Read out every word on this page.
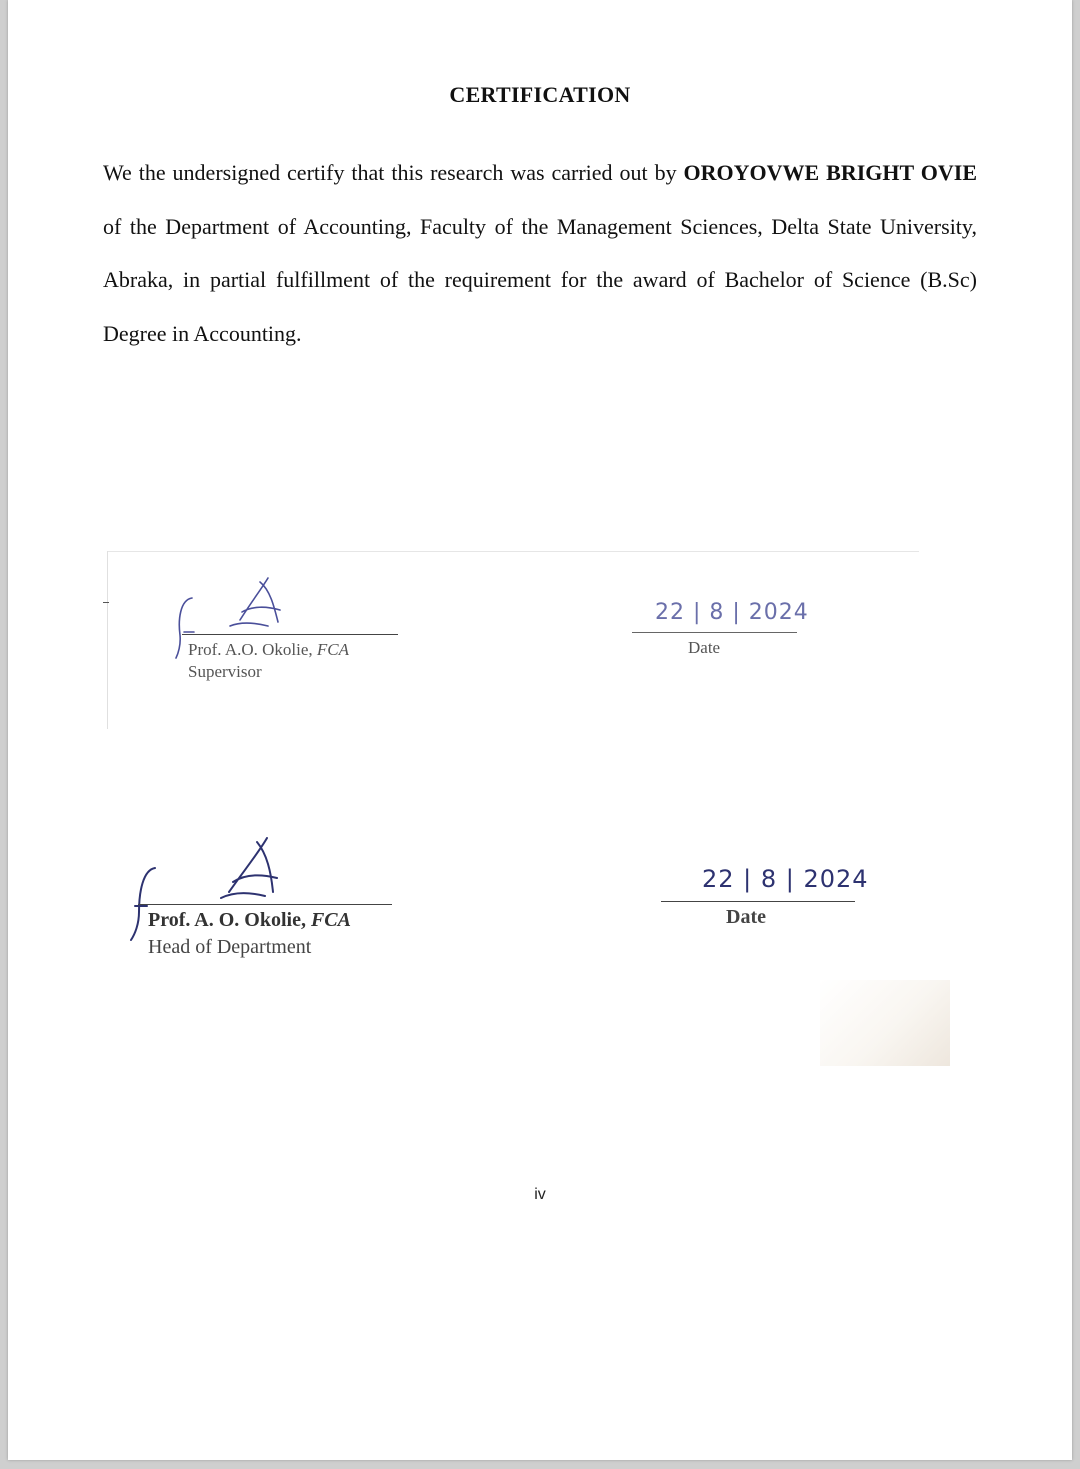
CERTIFICATION
We the undersigned certify that this research was carried out by OROYOVWE BRIGHT OVIE of the Department of Accounting, Faculty of the Management Sciences, Delta State University, Abraka, in partial fulfillment of the requirement for the award of Bachelor of Science (B.Sc) Degree in Accounting.
Prof. A.O. Okolie, FCA
Supervisor
22 | 8 | 2024
Date
Prof. A. O. Okolie, FCA
Head of Department
22 | 8 | 2024
Date
iv
